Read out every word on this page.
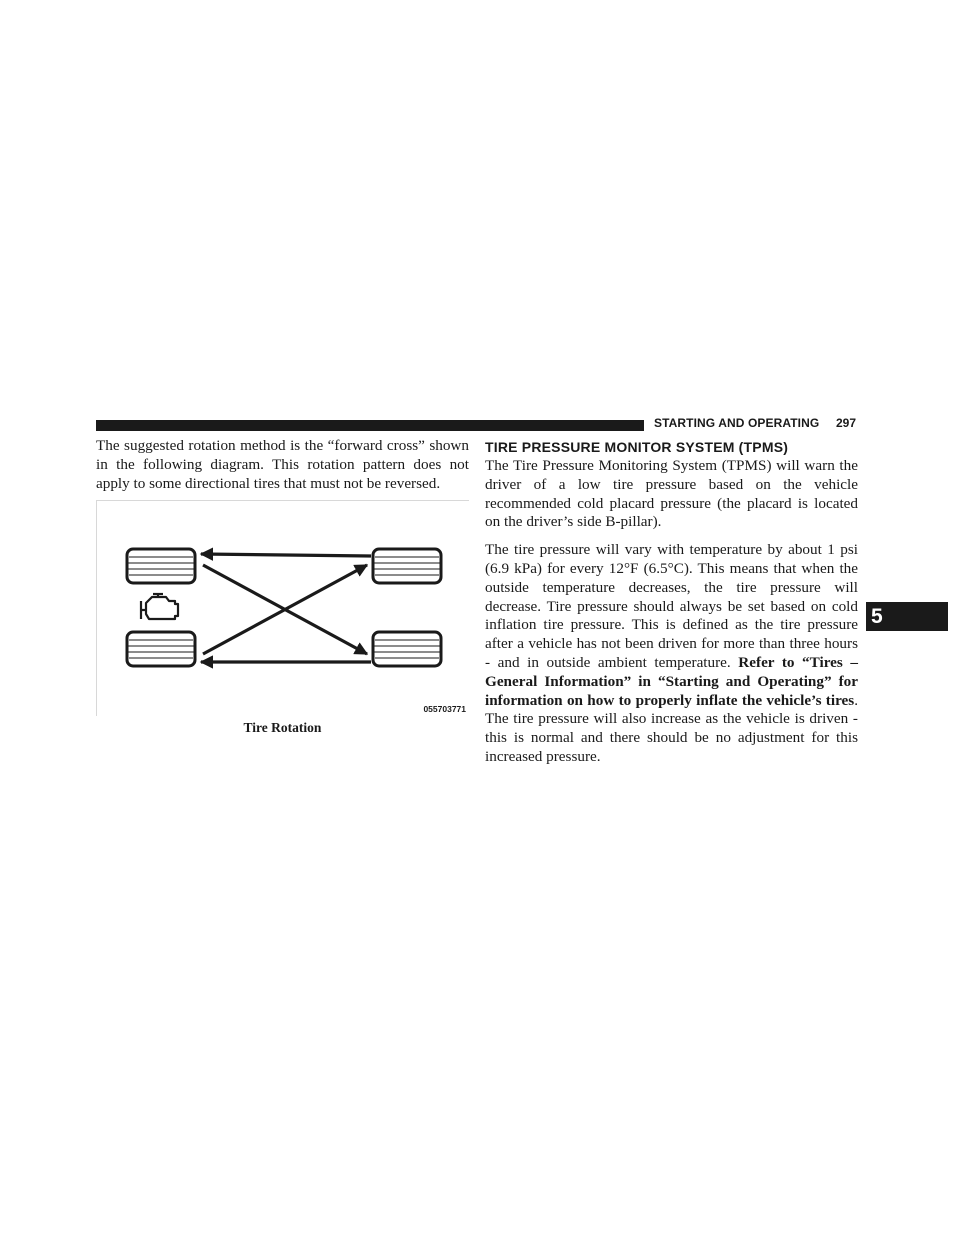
STARTING AND OPERATING 297

The suggested rotation method is the “forward cross” shown in the following diagram. This rotation pattern does not apply to some directional tires that must not be reversed.

055703771
Tire Rotation
TIRE PRESSURE MONITOR SYSTEM (TPMS)

The Tire Pressure Monitoring System (TPMS) will warn the driver of a low tire pressure based on the vehicle recommended cold placard pressure (the placard is located on the driver’s side B-pillar).

The tire pressure will vary with temperature by about 1 psi (6.9 kPa) for every 12°F (6.5°C). This means that when the outside temperature decreases, the tire pressure will decrease. Tire pressure should always be set based on cold inflation tire pressure. This is defined as the tire pressure after a vehicle has not been driven for more than three hours - and in outside ambient temperature. Refer to “Tires – General Information” in “Starting and Operating” for information on how to properly inflate the vehicle’s tires. The tire pressure will also increase as the vehicle is driven - this is normal and there should be no adjustment for this increased pressure.

5
